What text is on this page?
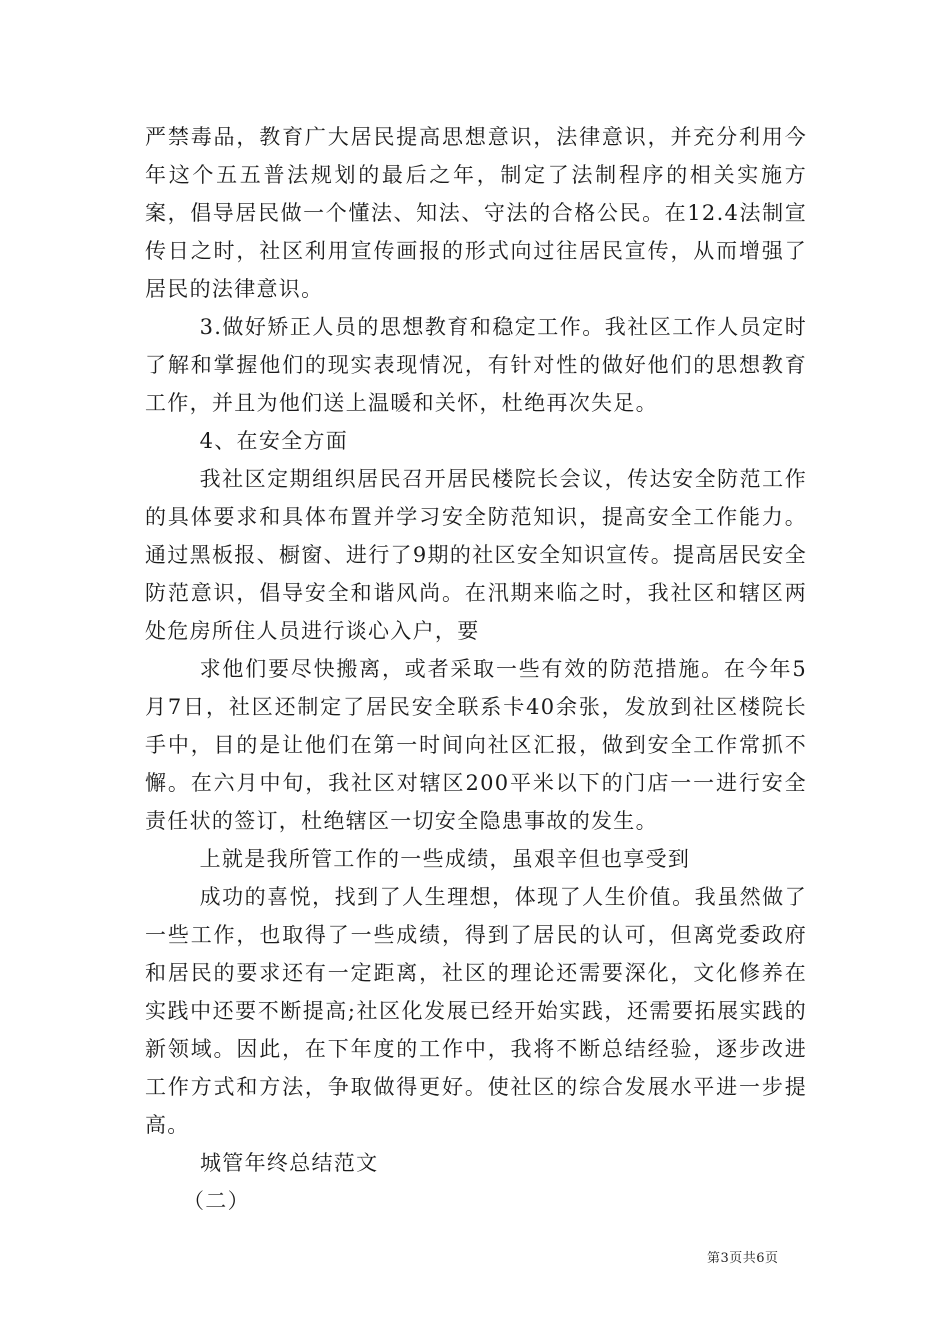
严禁毒品，教育广大居民提高思想意识，法律意识，并充分利用今年这个五五普法规划的最后之年，制定了法制程序的相关实施方案，倡导居民做一个懂法、知法、守法的合格公民。在12.4法制宣传日之时，社区利用宣传画报的形式向过往居民宣传，从而增强了居民的法律意识。

3.做好矫正人员的思想教育和稳定工作。我社区工作人员定时了解和掌握他们的现实表现情况，有针对性的做好他们的思想教育工作，并且为他们送上温暖和关怀，杜绝再次失足。

4、在安全方面

我社区定期组织居民召开居民楼院长会议，传达安全防范工作的具体要求和具体布置并学习安全防范知识，提高安全工作能力。通过黑板报、橱窗、进行了9期的社区安全知识宣传。提高居民安全防范意识，倡导安全和谐风尚。在汛期来临之时，我社区和辖区两处危房所住人员进行谈心入户，要

求他们要尽快搬离，或者采取一些有效的防范措施。在今年5月7日，社区还制定了居民安全联系卡40余张，发放到社区楼院长手中，目的是让他们在第一时间向社区汇报，做到安全工作常抓不懈。在六月中旬，我社区对辖区200平米以下的门店一一进行安全责任状的签订，杜绝辖区一切安全隐患事故的发生。

上就是我所管工作的一些成绩，虽艰辛但也享受到

成功的喜悦，找到了人生理想，体现了人生价值。我虽然做了一些工作，也取得了一些成绩，得到了居民的认可，但离党委政府和居民的要求还有一定距离，社区的理论还需要深化，文化修养在实践中还要不断提高;社区化发展已经开始实践，还需要拓展实践的新领域。因此，在下年度的工作中，我将不断总结经验，逐步改进工作方式和方法，争取做得更好。使社区的综合发展水平进一步提高。

城管年终总结范文

（二）

第3页共6页
